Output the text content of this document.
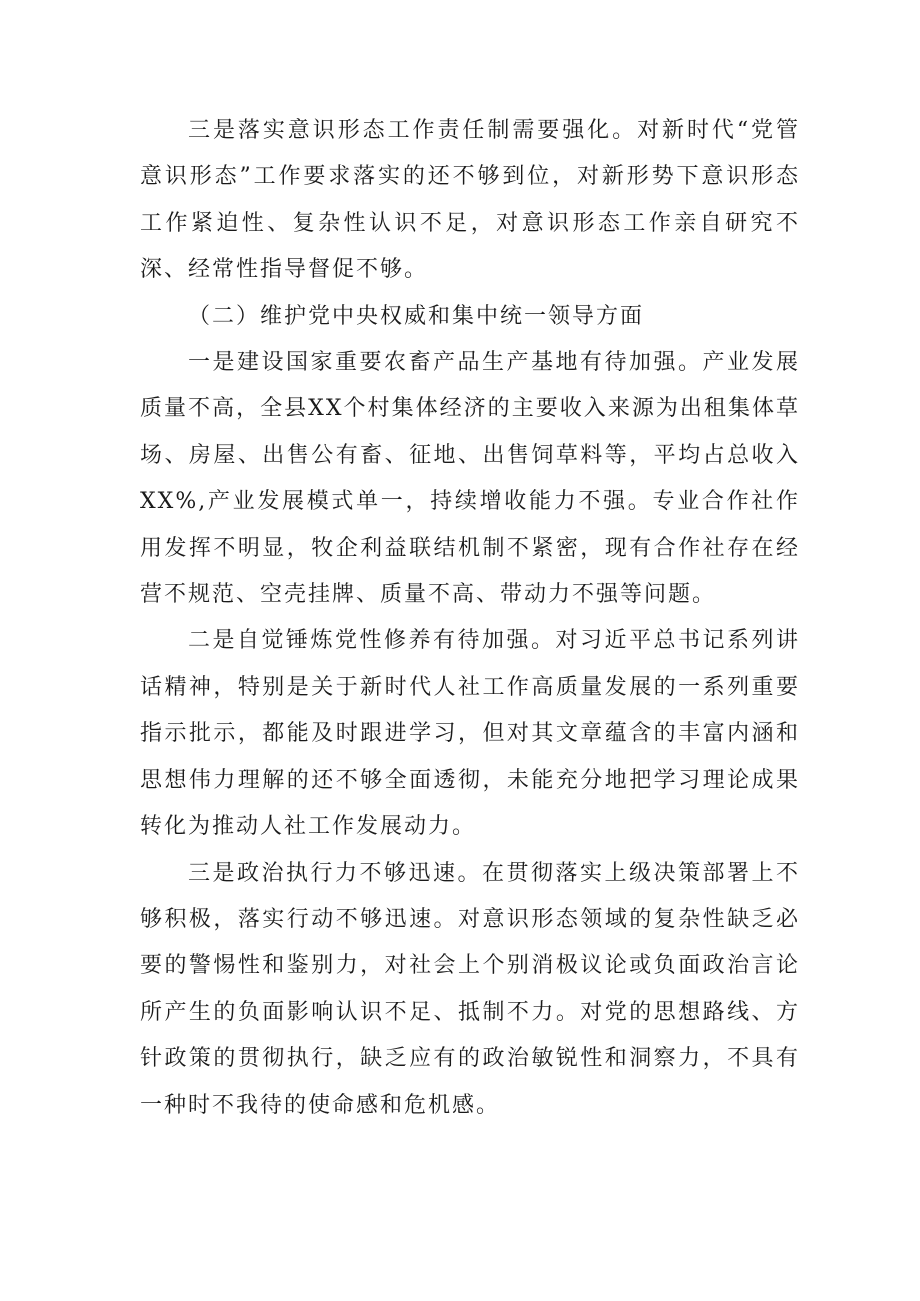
三是落实意识形态工作责任制需要强化。对新时代“党管意识形态”工作要求落实的还不够到位，对新形势下意识形态工作紧迫性、复杂性认识不足，对意识形态工作亲自研究不深、经常性指导督促不够。

（二）维护党中央权威和集中统一领导方面

一是建设国家重要农畜产品生产基地有待加强。产业发展质量不高，全县XX个村集体经济的主要收入来源为出租集体草场、房屋、出售公有畜、征地、出售饲草料等，平均占总收入XX%,产业发展模式单一，持续增收能力不强。专业合作社作用发挥不明显，牧企利益联结机制不紧密，现有合作社存在经营不规范、空壳挂牌、质量不高、带动力不强等问题。

二是自觉锤炼党性修养有待加强。对习近平总书记系列讲话精神，特别是关于新时代人社工作高质量发展的一系列重要指示批示，都能及时跟进学习，但对其文章蕴含的丰富内涵和思想伟力理解的还不够全面透彻，未能充分地把学习理论成果转化为推动人社工作发展动力。

三是政治执行力不够迅速。在贯彻落实上级决策部署上不够积极，落实行动不够迅速。对意识形态领域的复杂性缺乏必要的警惕性和鉴别力，对社会上个别消极议论或负面政治言论所产生的负面影响认识不足、抵制不力。对党的思想路线、方针政策的贯彻执行，缺乏应有的政治敏锐性和洞察力，不具有一种时不我待的使命感和危机感。
